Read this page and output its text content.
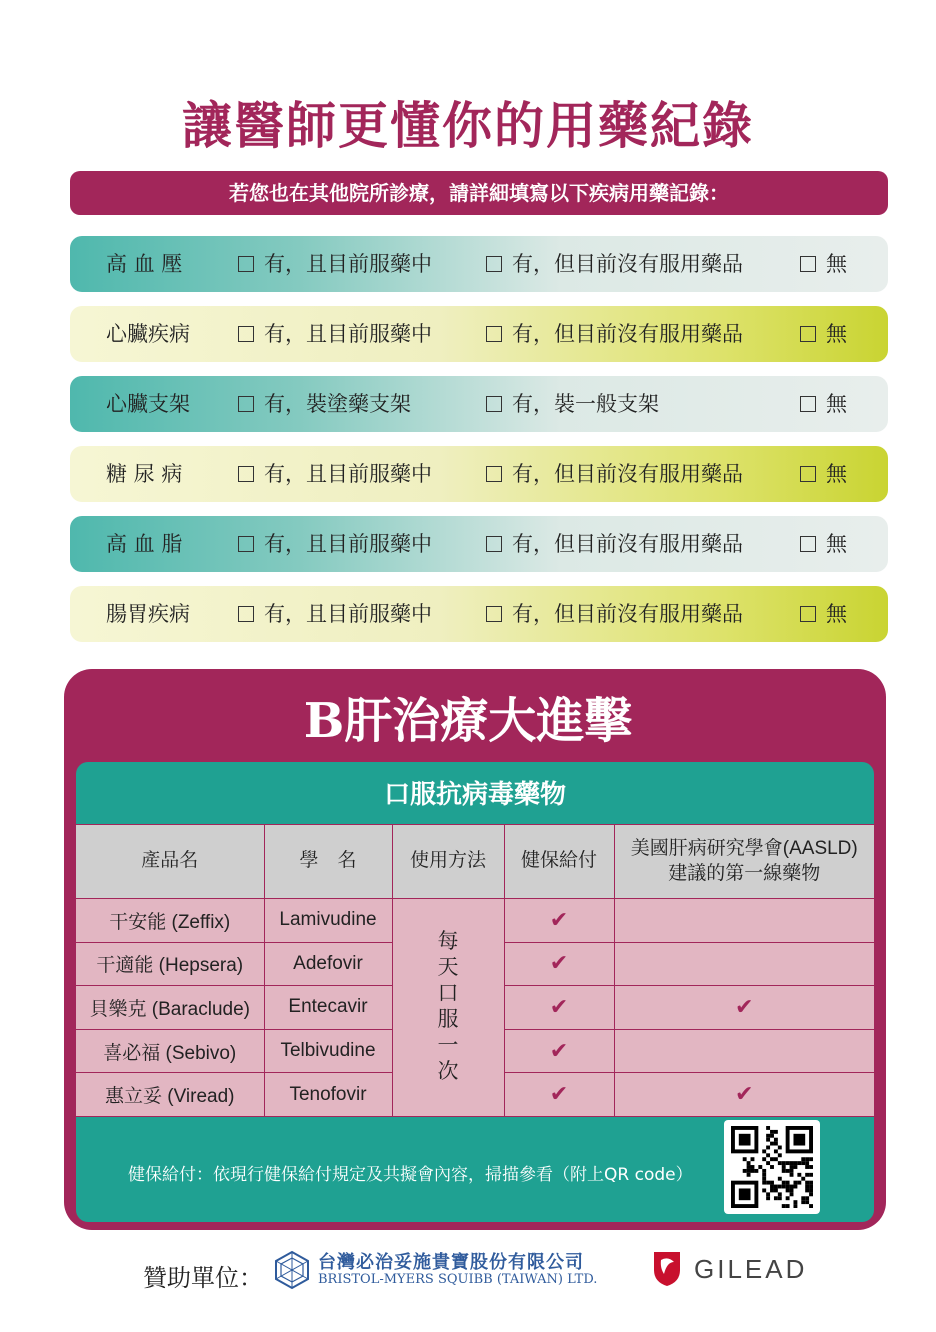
讓醫師更懂你的用藥紀錄
若您也在其他院所診療，請詳細填寫以下疾病用藥記錄：
高 血 壓	有，且目前服藥中	有，但目前沒有服用藥品	無
心臟疾病	有，且目前服藥中	有，但目前沒有服用藥品	無
心臟支架	有，裝塗藥支架	有，裝一般支架	無
糖 尿 病	有，且目前服藥中	有，但目前沒有服用藥品	無
高 血 脂	有，且目前服藥中	有，但目前沒有服用藥品	無
腸胃疾病	有，且目前服藥中	有，但目前沒有服用藥品	無
B肝治療大進擊
口服抗病毒藥物
產品名	學　名	使用方法	健保給付	美國肝病研究學會(AASLD)
建議的第一線藥物

干安能 (Zeffix)	Lamivudine	每天口服一次	✔	
干適能 (Hepsera)	Adefovir		✔	
貝樂克 (Baraclude)	Entecavir		✔	✔
喜必福 (Sebivo)	Telbivudine		✔	
惠立妥 (Viread)	Tenofovir		✔	✔
健保給付：依現行健保給付規定及共擬會內容，掃描參看（附上QR code）
贊助單位：
台灣必治妥施貴寶股份有限公司
BRISTOL-MYERS SQUIBB (TAIWAN) LTD.	GILEAD
